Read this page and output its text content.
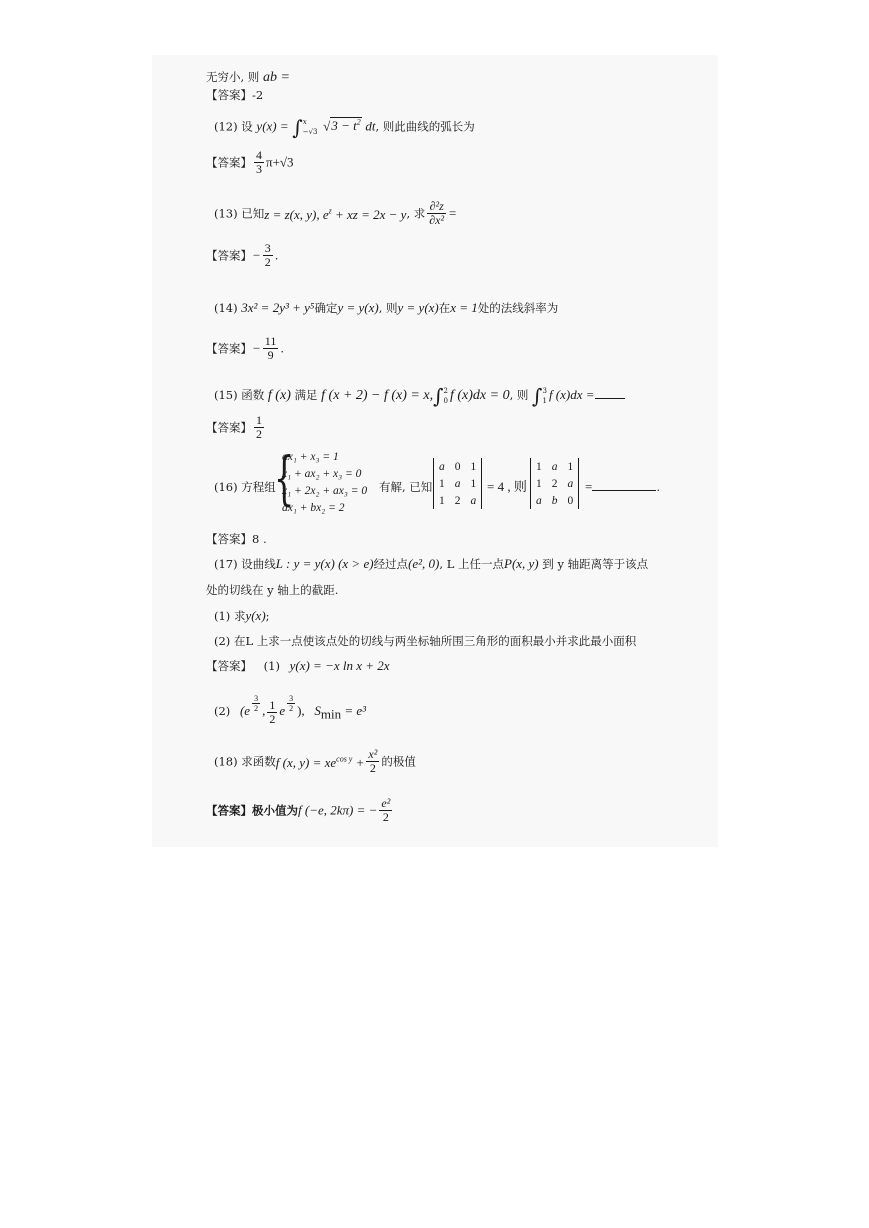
无穷小, 则 ab =
【答案】-2
(12) 设 y(x) = ∫ x
−√3 $√3 - t^2$ dt, 则此曲线的弧长为
【答案】 $\frac{4}{3} \pi+√3$
(13) 已知z = z(x, y), $e^z$ + xz = 2x − y, 求 $\frac{\text{∂²z}}{\text{∂x²}}$ =
【答案】− $\frac{3}{2}$ .
(14) 3x² = 2y³ + y⁵确定y = y(x), 则y = y(x)在x = 1处的法线斜率为
【答案】− $\frac{11}{9}$ .
(15) 函数 f (x) 满足 f (x + 2) − f (x) = x,∫ 2
0 f (x)dx = 0, 则 ∫ 3
1 f (x)dx =
【答案】 $\frac{1}{2}$
(16) 方程组
{
ax₁ + x₃ = 1
x₁ + ax₂ + x₃ = 0
x₁ + 2x₂ + ax₃ = 0
ax₁ + bx₂ = 2
有解, 已知
a	0	1
1	a	1
1	2	a
= 4 , 则
1	a	1
1	2	a
a	b	0
=	.
【答案】8 .
(17) 设曲线L : y = y(x) (x > e)经过点(e², 0), L 上任一点P(x, y) 到 y 轴距离等于该点
处的切线在 y 轴上的截距.
(1) 求y(x);
(2) 在L 上求一点使该点处的切线与两坐标轴所围三角形的面积最小并求此最小面积
【答案】 (1) y(x) = −x ln x + 2x
(2) ($e \frac{3}{2}$ , $\frac{1}{2}$ e $\frac{3}{2}$ ), $S_{min} = e^3$
(18) 求函数f (x, $y) = xe^{cos y} + \frac{\text{x²}}{2}$ 的极值
【答案】极小值为f (−e, 2kπ) = − $\frac{\text{e²}}{2}$
